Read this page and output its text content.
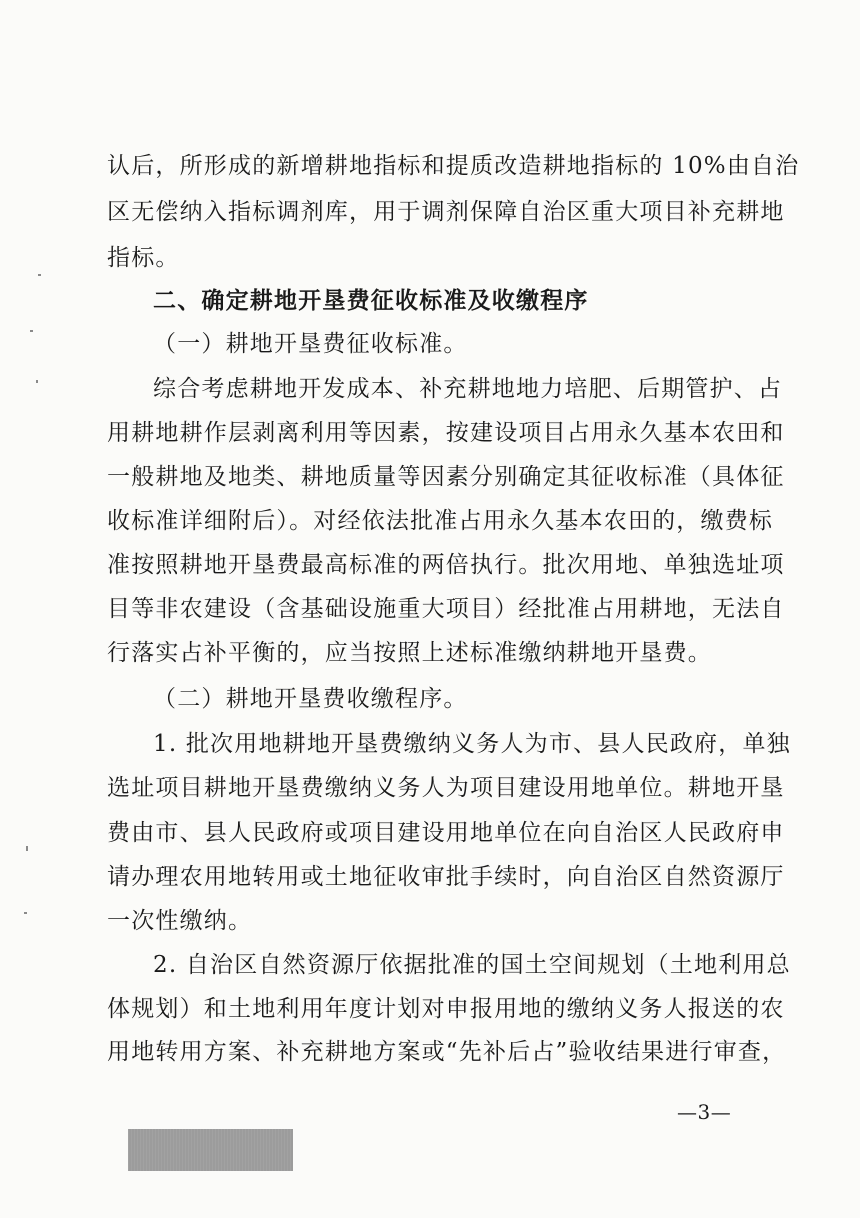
认后，所形成的新增耕地指标和提质改造耕地指标的 10%由自治
区无偿纳入指标调剂库，用于调剂保障自治区重大项目补充耕地
指标。
二、确定耕地开垦费征收标准及收缴程序
（一）耕地开垦费征收标准。
综合考虑耕地开发成本、补充耕地地力培肥、后期管护、占
用耕地耕作层剥离利用等因素，按建设项目占用永久基本农田和
一般耕地及地类、耕地质量等因素分别确定其征收标准（具体征
收标准详细附后）。对经依法批准占用永久基本农田的，缴费标
准按照耕地开垦费最高标准的两倍执行。批次用地、单独选址项
目等非农建设（含基础设施重大项目）经批准占用耕地，无法自
行落实占补平衡的，应当按照上述标准缴纳耕地开垦费。
（二）耕地开垦费收缴程序。
1. 批次用地耕地开垦费缴纳义务人为市、县人民政府，单独
选址项目耕地开垦费缴纳义务人为项目建设用地单位。耕地开垦
费由市、县人民政府或项目建设用地单位在向自治区人民政府申
请办理农用地转用或土地征收审批手续时，向自治区自然资源厅
一次性缴纳。
2. 自治区自然资源厅依据批准的国土空间规划（土地利用总
体规划）和土地利用年度计划对申报用地的缴纳义务人报送的农
用地转用方案、补充耕地方案或“先补后占”验收结果进行审查，
—3—
